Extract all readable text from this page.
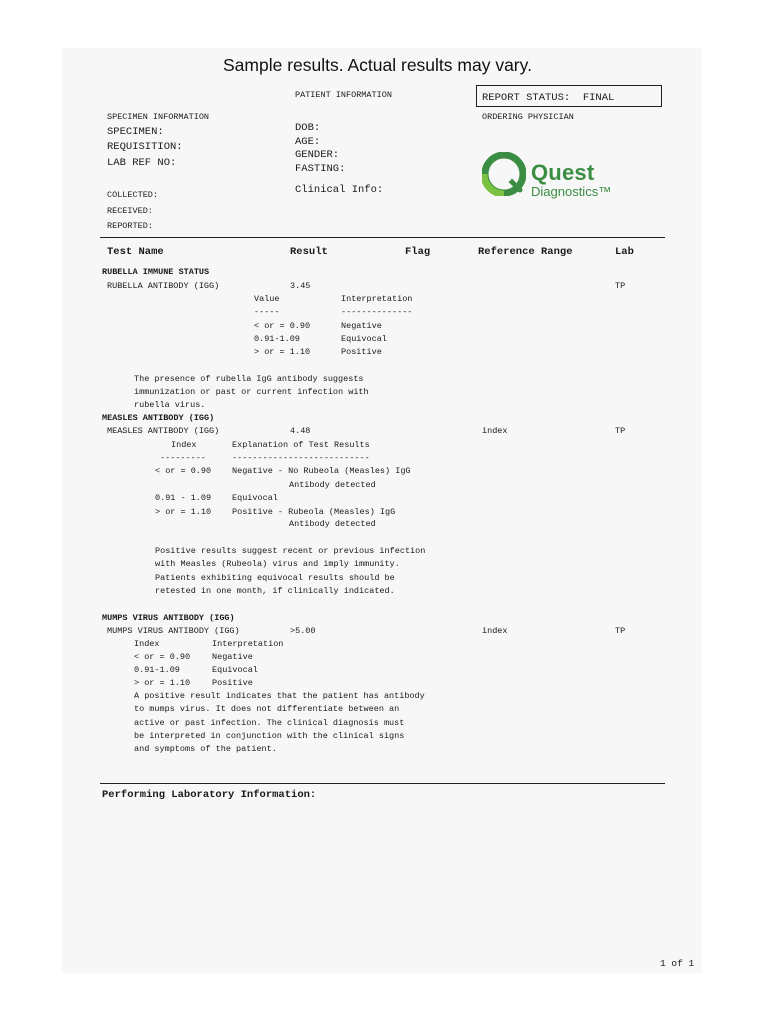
Sample results. Actual results may vary.
PATIENT INFORMATION	REPORT STATUS:  FINAL
SPECIMEN INFORMATION	ORDERING PHYSICIAN
SPECIMEN:
REQUISITION:
LAB REF NO:
DOB:
AGE:
GENDER:
FASTING:
Clinical Info:
COLLECTED:
RECEIVED:
REPORTED:
Quest
Diagnostics™
Test Name	Result	Flag	Reference Range	Lab
RUBELLA IMMUNE STATUS
RUBELLA ANTIBODY (IGG)	3.45	TP
Value	Interpretation
-----	--------------
< or = 0.90	Negative
0.91-1.09	Equivocal
> or = 1.10	Positive
The presence of rubella IgG antibody suggests
immunization or past or current infection with
rubella virus.
MEASLES ANTIBODY (IGG)
MEASLES ANTIBODY (IGG)	4.48	index	TP
Index	Explanation of Test Results
---------	---------------------------
< or = 0.90 Negative - No Rubeola (Measles) IgG
Antibody detected
0.91 - 1.09 Equivocal
> or = 1.10 Positive - Rubeola (Measles) IgG
Antibody detected
Positive results suggest recent or previous infection
with Measles (Rubeola) virus and imply immunity.
Patients exhibiting equivocal results should be
retested in one month, if clinically indicated.
MUMPS VIRUS ANTIBODY (IGG)
MUMPS VIRUS ANTIBODY (IGG)	>5.00	index	TP
Index	Interpretation
< or = 0.90	Negative
0.91-1.09	Equivocal
> or = 1.10	Positive
A positive result indicates that the patient has antibody
to mumps virus. It does not differentiate between an
active or past infection. The clinical diagnosis must
be interpreted in conjunction with the clinical signs
and symptoms of the patient.
Performing Laboratory Information:
1 of 1
